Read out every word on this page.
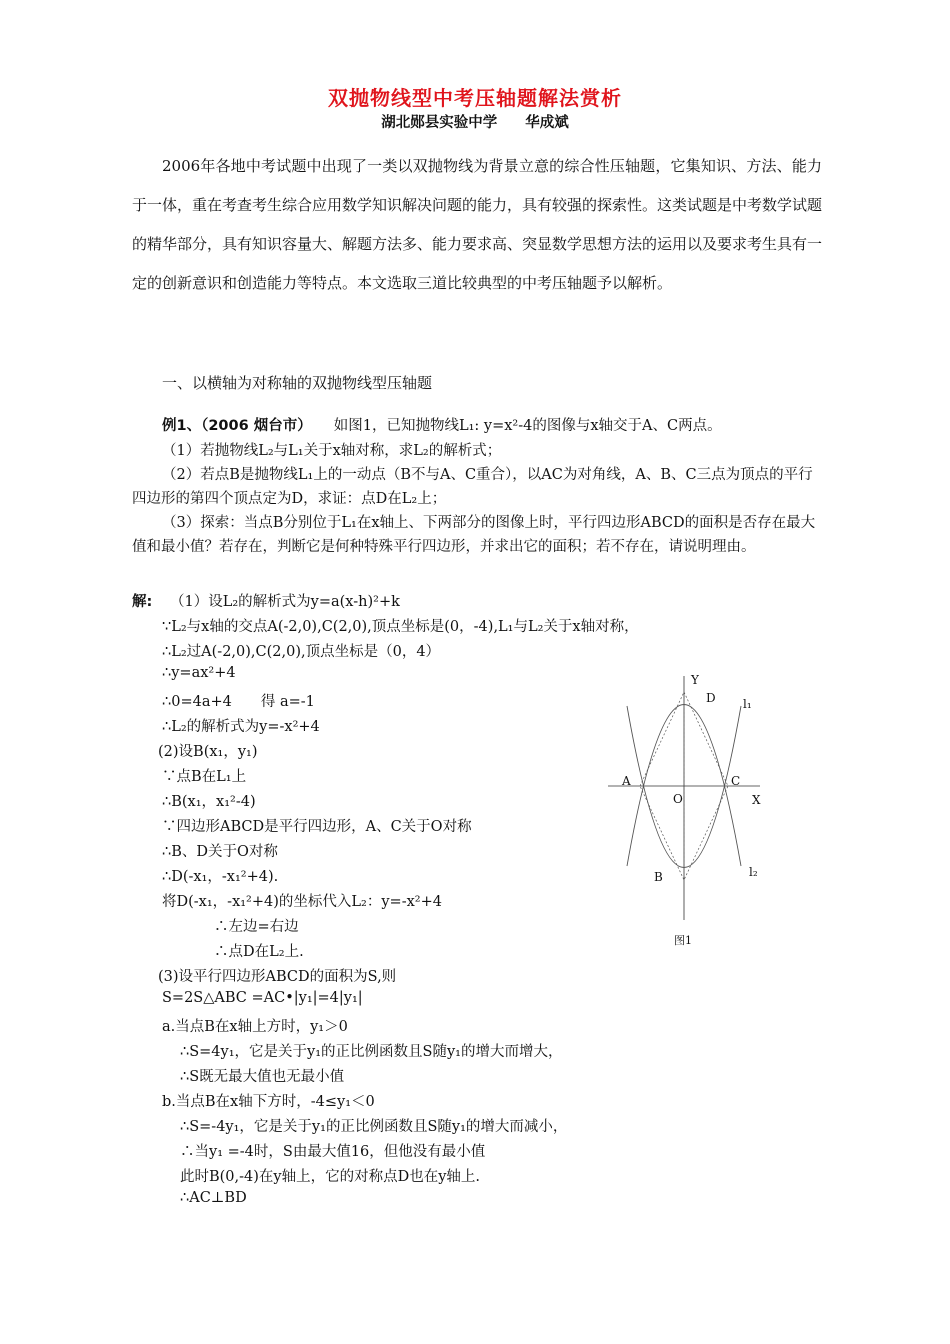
双抛物线型中考压轴题解法赏析
湖北郧县实验中学 华成斌
2006年各地中考试题中出现了一类以双抛物线为背景立意的综合性压轴题，它集知识、方法、能力于一体，重在考查考生综合应用数学知识解决问题的能力，具有较强的探索性。这类试题是中考数学试题的精华部分，具有知识容量大、解题方法多、能力要求高、突显数学思想方法的运用以及要求考生具有一定的创新意识和创造能力等特点。本文选取三道比较典型的中考压轴题予以解析。
一、以横轴为对称轴的双抛物线型压轴题
例1、（2006 烟台市） 如图1，已知抛物线L₁: y=x²-4的图像与x轴交于A、C两点。
（1）若抛物线L₂与L₁关于x轴对称，求L₂的解析式；
（2）若点B是抛物线L₁上的一动点（B不与A、C重合），以AC为对角线，A、B、C三点为顶点的平行四边形的第四个顶点定为D，求证：点D在L₂上；
（3）探索：当点B分别位于L₁在x轴上、下两部分的图像上时，平行四边形ABCD的面积是否存在最大值和最小值？若存在，判断它是何种特殊平行四边形，并求出它的面积；若不存在，请说明理由。
解: （1）设L₂的解析式为y=a(x-h)²+k
∵L₂与x轴的交点A(-2,0),C(2,0),顶点坐标是(0，-4),L₁与L₂关于x轴对称，
∴L₂过A(-2,0),C(2,0),顶点坐标是（0，4）
∴y=ax²+4
∴0=4a+4　　得 a=-1
∴L₂的解析式为y=-x²+4
(2)设B(x₁，y₁)
∵点B在L₁上
∴B(x₁，x₁²-4)
∵四边形ABCD是平行四边形，A、C关于O对称
∴B、D关于O对称
∴D(-x₁，-x₁²+4).
将D(-x₁，-x₁²+4)的坐标代入L₂：y=-x²+4
∴左边=右边
∴点D在L₂上.
(3)设平行四边形ABCD的面积为S,则
S=2S△ABC =AC•|y₁|=4|y₁|
a.当点B在x轴上方时，y₁＞0
∴S=4y₁，它是关于y₁的正比例函数且S随y₁的增大而增大，
∴S既无最大值也无最小值
b.当点B在x轴下方时，-4≤y₁＜0
∴S=-4y₁，它是关于y₁的正比例函数且S随y₁的增大而减小，
∴当y₁ =-4时，S由最大值16，但他没有最小值
此时B(0,-4)在y轴上，它的对称点D也在y轴上.
∴AC⊥BD
Y
X
O
A	C
B
D l₁
l₂
图1
